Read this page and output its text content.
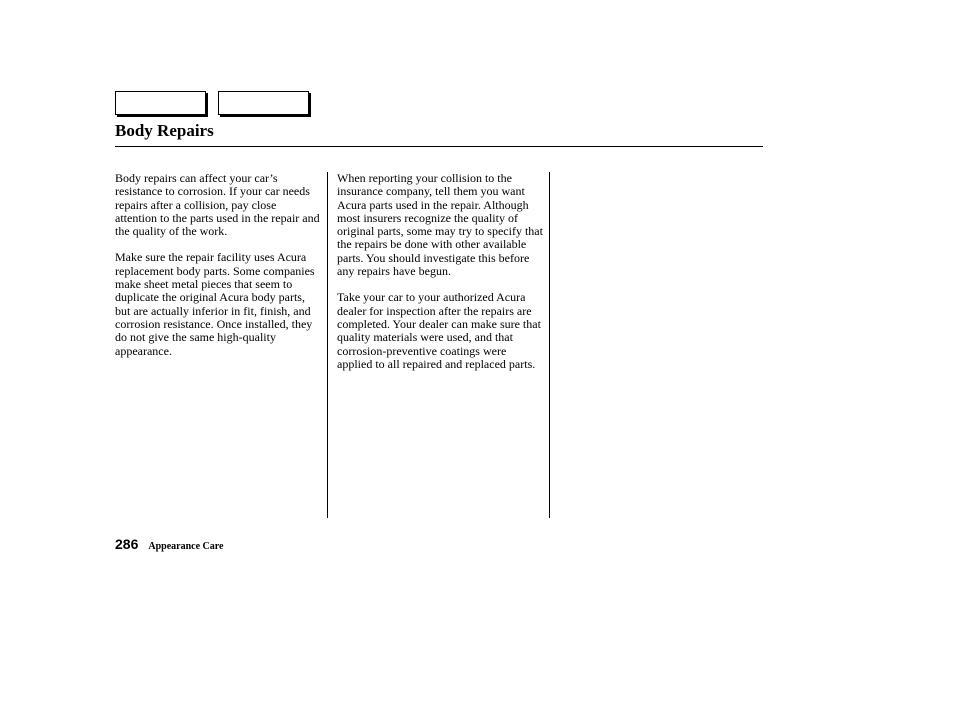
Body Repairs

Body repairs can affect your car’s resistance to corrosion. If your car needs repairs after a collision, pay close attention to the parts used in the repair and the quality of the work.

Make sure the repair facility uses Acura replacement body parts. Some companies make sheet metal pieces that seem to duplicate the original Acura body parts, but are actually inferior in fit, finish, and corrosion resistance. Once installed, they do not give the same high-quality appearance.

When reporting your collision to the insurance company, tell them you want Acura parts used in the repair. Although most insurers recognize the quality of original parts, some may try to specify that the repairs be done with other available parts. You should investigate this before any repairs have begun.

Take your car to your authorized Acura dealer for inspection after the repairs are completed. Your dealer can make sure that quality materials were used, and that corrosion-preventive coatings were applied to all repaired and replaced parts.

286 Appearance Care
